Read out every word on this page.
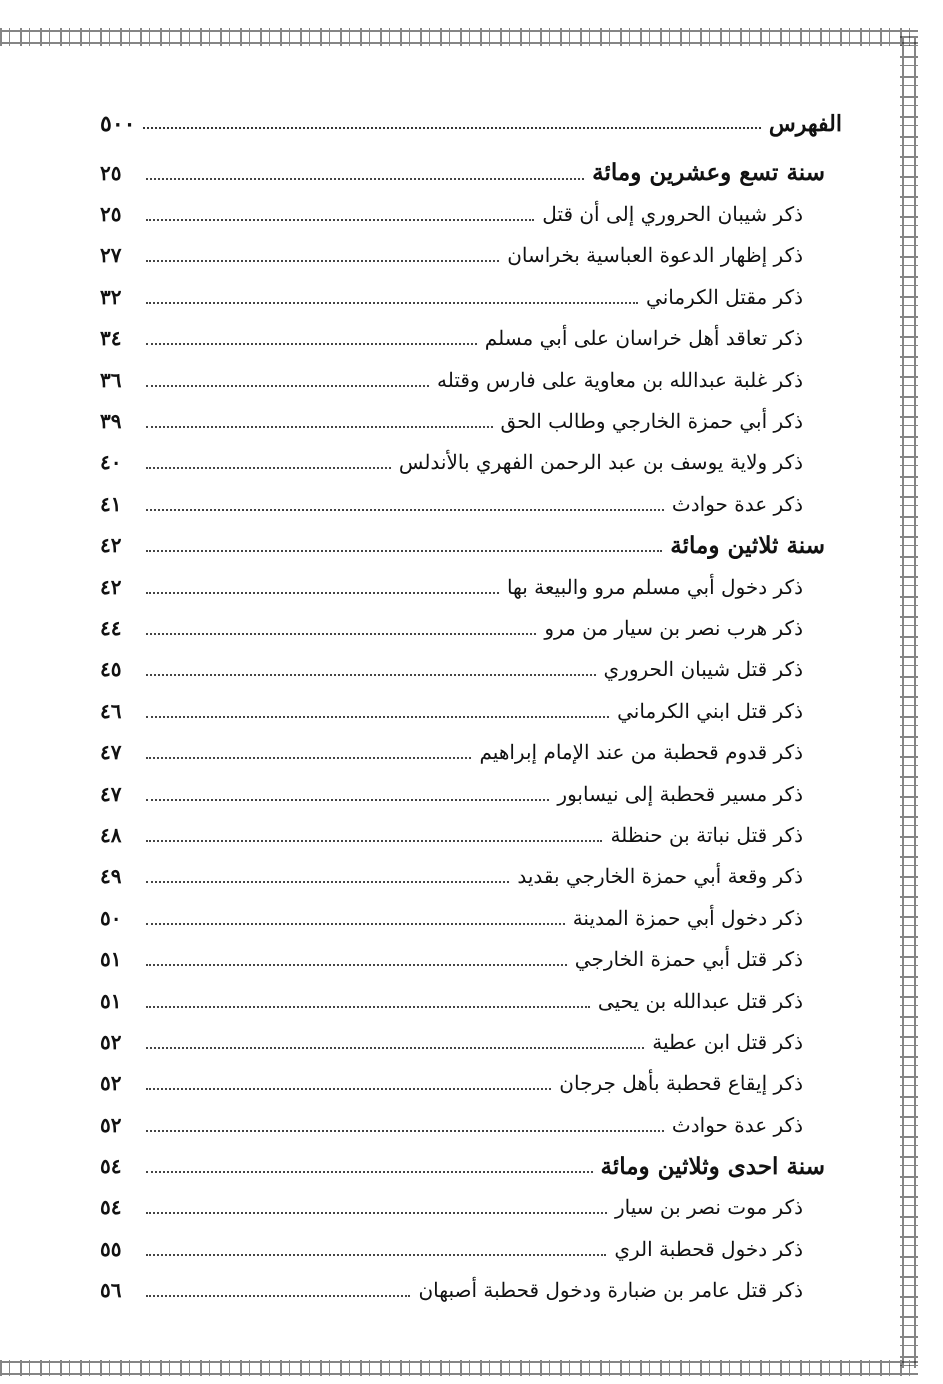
الفهرس
٥٠٠
سنة تسع وعشرين ومائة
٢٥
ذكر شيبان الحروري إلى أن قتل
٢٥
ذكر إظهار الدعوة العباسية بخراسان
٢٧
ذكر مقتل الكرماني
٣٢
ذكر تعاقد أهل خراسان على أبي مسلم
٣٤
ذكر غلبة عبدالله بن معاوية على فارس وقتله
٣٦
ذكر أبي حمزة الخارجي وطالب الحق
٣٩
ذكر ولاية يوسف بن عبد الرحمن الفهري بالأندلس
٤٠
ذكر عدة حوادث
٤١
سنة ثلاثين ومائة
٤٢
ذكر دخول أبي مسلم مرو والبيعة بها
٤٢
ذكر هرب نصر بن سيار من مرو
٤٤
ذكر قتل شيبان الحروري
٤٥
ذكر قتل ابني الكرماني
٤٦
ذكر قدوم قحطبة من عند الإمام إبراهيم
٤٧
ذكر مسير قحطبة إلى نيسابور
٤٧
ذكر قتل نباتة بن حنظلة
٤٨
ذكر وقعة أبي حمزة الخارجي بقديد
٤٩
ذكر دخول أبي حمزة المدينة
٥٠
ذكر قتل أبي حمزة الخارجي
٥١
ذكر قتل عبدالله بن يحيى
٥١
ذكر قتل ابن عطية
٥٢
ذكر إيقاع قحطبة بأهل جرجان
٥٢
ذكر عدة حوادث
٥٢
سنة احدى وثلاثين ومائة
٥٤
ذكر موت نصر بن سيار
٥٤
ذكر دخول قحطبة الري
٥٥
ذكر قتل عامر بن ضبارة ودخول قحطبة أصبهان
٥٦
